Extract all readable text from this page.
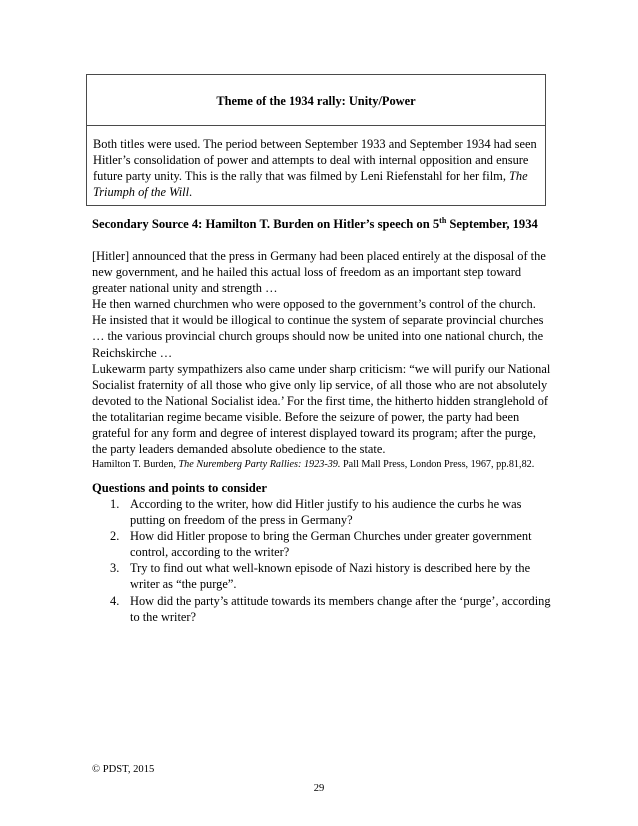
Theme of the 1934 rally: Unity/Power
Both titles were used. The period between September 1933 and September 1934 had seen Hitler’s consolidation of power and attempts to deal with internal opposition and ensure future party unity. This is the rally that was filmed by Leni Riefenstahl for her film, The Triumph of the Will.
Secondary Source 4: Hamilton T. Burden on Hitler’s speech on 5th September, 1934

[Hitler] announced that the press in Germany had been placed entirely at the disposal of the new government, and he hailed this actual loss of freedom as an important step toward greater national unity and strength …

He then warned churchmen who were opposed to the government’s control of the church. He insisted that it would be illogical to continue the system of separate provincial churches … the various provincial church groups should now be united into one national church, the Reichskirche …

Lukewarm party sympathizers also came under sharp criticism: “we will purify our National Socialist fraternity of all those who give only lip service, of all those who are not absolutely devoted to the National Socialist idea.’ For the first time, the hitherto hidden stranglehold of the totalitarian regime became visible. Before the seizure of power, the party had been grateful for any form and degree of interest displayed toward its program; after the purge, the party leaders demanded absolute obedience to the state.

Hamilton T. Burden, The Nuremberg Party Rallies: 1923-39. Pall Mall Press, London Press, 1967, pp.81,82.

Questions and points to consider
1. According to the writer, how did Hitler justify to his audience the curbs he was putting on freedom of the press in Germany?
2. How did Hitler propose to bring the German Churches under greater government control, according to the writer?
3. Try to find out what well-known episode of Nazi history is described here by the writer as “the purge”.
4. How did the party’s attitude towards its members change after the ‘purge’, according to the writer?
© PDST, 2015
29
